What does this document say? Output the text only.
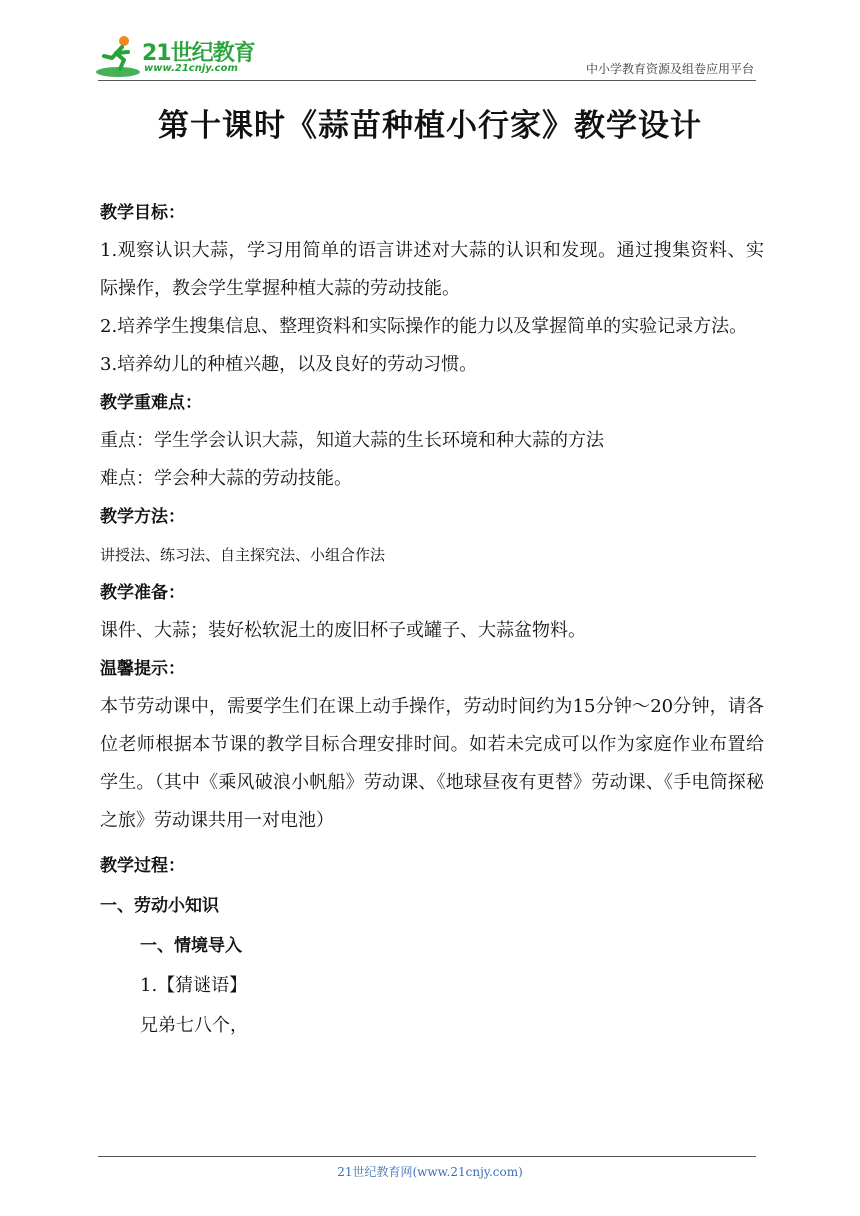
21世纪教育
www.21cnjy.com	中小学教育资源及组卷应用平台
第十课时《蒜苗种植小行家》教学设计

教学目标：

1.观察认识大蒜，学习用简单的语言讲述对大蒜的认识和发现。通过搜集资料、实际操作，教会学生掌握种植大蒜的劳动技能。

2.培养学生搜集信息、整理资料和实际操作的能力以及掌握简单的实验记录方法。

3.培养幼儿的种植兴趣，以及良好的劳动习惯。

教学重难点：

重点：学生学会认识大蒜，知道大蒜的生长环境和种大蒜的方法

难点：学会种大蒜的劳动技能。

教学方法：

讲授法、练习法、自主探究法、小组合作法

教学准备：

课件、大蒜；装好松软泥土的废旧杯子或罐子、大蒜盆物料。

温馨提示：

本节劳动课中，需要学生们在课上动手操作，劳动时间约为15分钟～20分钟，请各位老师根据本节课的教学目标合理安排时间。如若未完成可以作为家庭作业布置给学生。（其中《乘风破浪小帆船》劳动课、《地球昼夜有更替》劳动课、《手电筒探秘之旅》劳动课共用一对电池）

教学过程：

一、劳动小知识

一、情境导入

1.【猜谜语】

兄弟七八个，

21世纪教育网(www.21cnjy.com)
